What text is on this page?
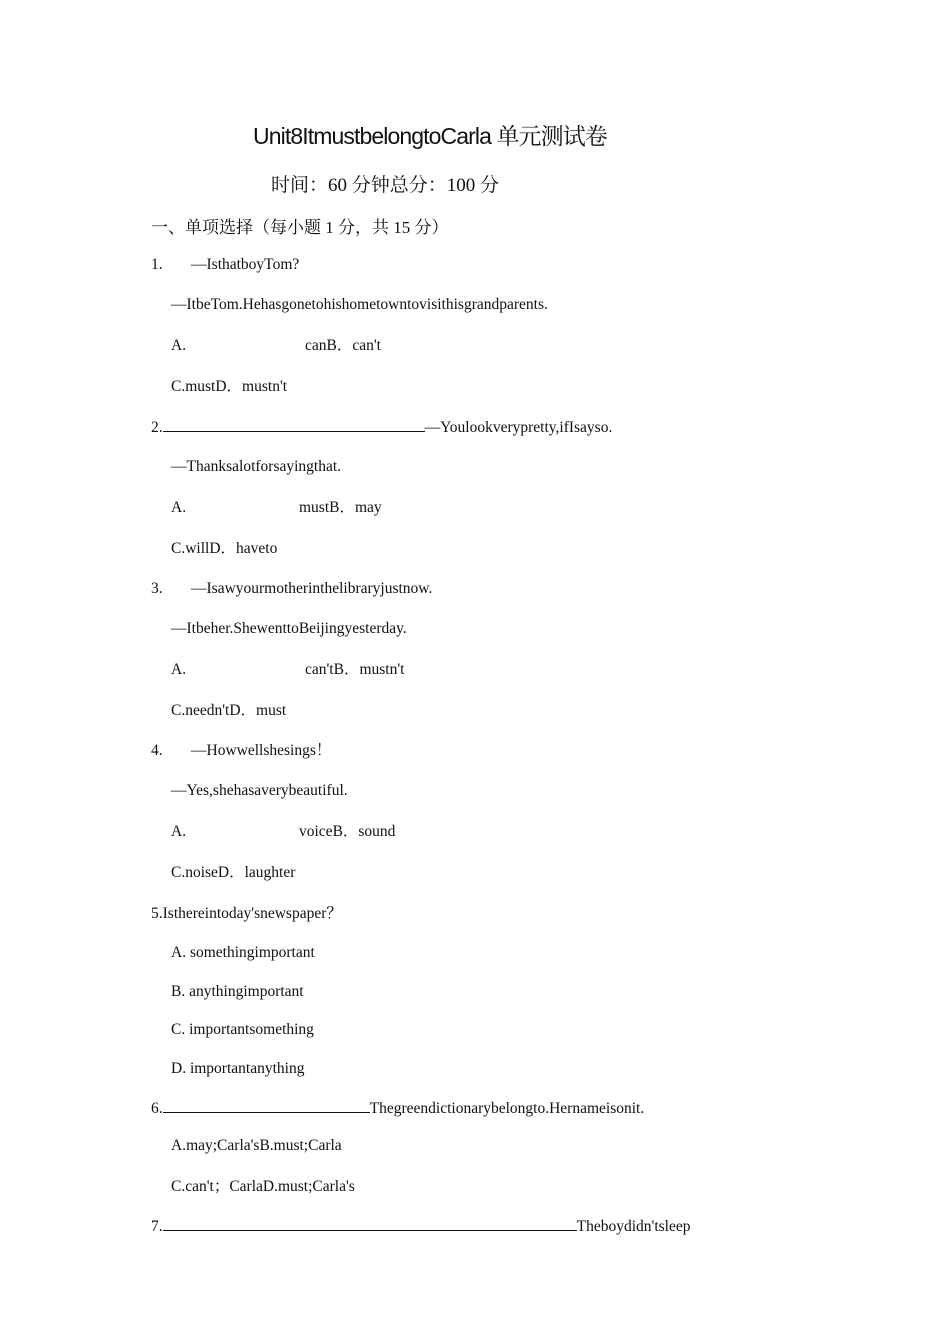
Unit8ItmustbelongtoCarla 单元测试卷
时间：60 分钟总分：100 分
一、单项选择（每小题 1 分，共 15 分）
1. —IsthatboyTom?
—ItbeTom.Hehasgonetohishometowntovisithisgrandparents.
A.	canB．can't
C.mustD．mustn't
2.	—Youlookverypretty,ifIsayso.
—Thanksalotforsayingthat.
A.	mustB．may
C.willD．haveto
3. —Isawyourmotherinthelibraryjustnow.
—Itbeher.ShewenttoBeijingyesterday.
A.	can'tB．mustn't
C.needn'tD．must
4. —Howwellshesings！
—Yes,shehasaverybeautiful.
A.	voiceB．sound
C.noiseD．laughter
5.Isthereintoday'snewspaper？
A. somethingimportant
B. anythingimportant
C. importantsomething
D. importantanything
6.	Thegreendictionarybelongto.Hernameisonit.
A.may;Carla'sB.must;Carla
C.can't；CarlaD.must;Carla's
7.	Theboydidn'tsleep
